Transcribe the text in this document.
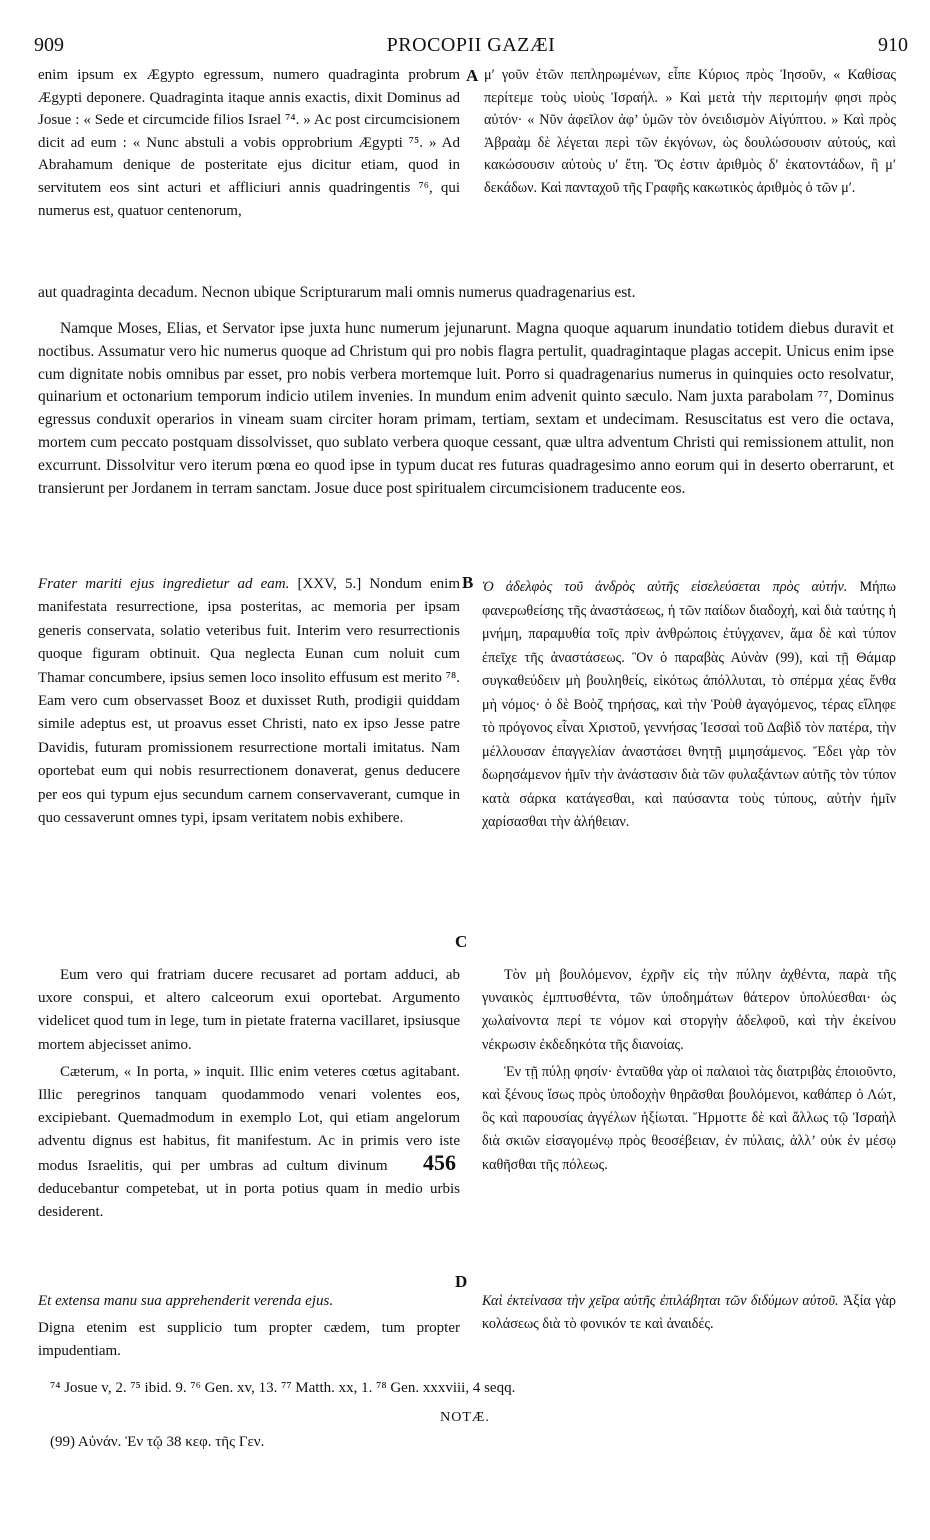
909	PROCOPII GAZÆI	910

enim ipsum ex Ægypto egressum, numero quadraginta probrum Ægypti deponere. Quadraginta itaque annis exactis, dixit Dominus ad Josue : « Sede et circumcide filios Israel ⁷⁴. » Ac post circumcisionem dicit ad eum : « Nunc abstuli a vobis opprobrium Ægypti ⁷⁵. » Ad Abrahamum denique de posteritate ejus dicitur etiam, quod in servitutem eos sint acturi et affliciuri annis quadringentis ⁷⁶, qui numerus est, quatuor centenorum,

A μʹ γοῦν ἐτῶν πεπληρωμένων, εἶπε Κύριος πρὸς Ἰησοῦν, « Καθίσας περίτεμε τοὺς υἱοὺς Ἰσραήλ. » Καὶ μετὰ τὴν περιτομήν φησι πρὸς αὐτόν· « Νῦν ἀφεῖλον ἀφ’ ὑμῶν τὸν ὀνειδισμὸν Αἰγύπτου. » Καὶ πρὸς Ἀβραὰμ δὲ λέγεται περὶ τῶν ἐκγόνων, ὡς δουλώσουσιν αὐτούς, καὶ κακώσουσιν αὐτοὺς υʹ ἔτη. Ὅς ἐστιν ἀριθμὸς δʹ ἑκατοντάδων, ἢ μʹ δεκάδων. Καὶ πανταχοῦ τῆς Γραφῆς κακωτικὸς ἀριθμὸς ὁ τῶν μʹ.

aut quadraginta decadum. Necnon ubique Scripturarum mali omnis numerus quadragenarius est.

Namque Moses, Elias, et Servator ipse juxta hunc numerum jejunarunt. Magna quoque aquarum inundatio totidem diebus duravit et noctibus. Assumatur vero hic numerus quoque ad Christum qui pro nobis flagra pertulit, quadragintaque plagas accepit. Unicus enim ipse cum dignitate nobis omnibus par esset, pro nobis verbera mortemque luit. Porro si quadragenarius numerus in quinquies octo resolvatur, quinarium et octonarium temporum indicio utilem invenies. In mundum enim advenit quinto sæculo. Nam juxta parabolam ⁷⁷, Dominus egressus conduxit operarios in vineam suam circiter horam primam, tertiam, sextam et undecimam. Resuscitatus est vero die octava, mortem cum peccato postquam dissolvisset, quo sublato verbera quoque cessant, quæ ultra adventum Christi qui remissionem attulit, non excurrunt. Dissolvitur vero iterum pœna eo quod ipse in typum ducat res futuras quadragesimo anno eorum qui in deserto oberrarunt, et transierunt per Jordanem in terram sanctam. Josue duce post spiritualem circumcisionem traducente eos.

Frater mariti ejus ingredietur ad eam. [XXV, 5.] Nondum enim manifestata resurrectione, ipsa posteritas, ac memoria per ipsam generis conservata, solatio veteribus fuit. Interim vero resurrectionis quoque figuram obtinuit. Qua neglecta Eunan cum noluit cum Thamar concumbere, ipsius semen loco insolito effusum est merito ⁷⁸. Eam vero cum observasset Booz et duxisset Ruth, prodigii quiddam simile adeptus est, ut proavus esset Christi, nato ex ipso Jesse patre Davidis, futuram promissionem resurrectione mortali imitatus. Nam oportebat eum qui nobis resurrectionem donaverat, genus deducere per eos qui typum ejus secundum carnem conservaverant, cumque in quo cessaverunt omnes typi, ipsam veritatem nobis exhibere.

B Ὁ ἀδελφὸς τοῦ ἀνδρὸς αὐτῆς εἰσελεύσεται πρὸς αὐτήν. Μήπω φανερωθείσης τῆς ἀναστάσεως, ἡ τῶν παίδων διαδοχή, καὶ διὰ ταύτης ἡ μνήμη, παραμυθία τοῖς πρὶν ἀνθρώποις ἐτύγχανεν, ἅμα δὲ καὶ τύπον ἐπεῖχε τῆς ἀναστάσεως. Ὃν ὁ παραβὰς Αὐνὰν (99), καὶ τῇ Θάμαρ συγκαθεύδειν μὴ βουληθείς, εἰκότως ἀπόλλυται, τὸ σπέρμα χέας ἔνθα μὴ νόμος· ὁ δὲ Βοὸζ τηρήσας, καὶ τὴν Ῥοὺθ ἀγαγόμενος, τέρας εἴληφε τὸ πρόγονος εἶναι Χριστοῦ, γεννήσας Ἰεσσαὶ τοῦ Δαβὶδ τὸν πατέρα, τὴν μέλλουσαν ἐπαγγελίαν ἀναστάσει θνητῇ μιμησάμενος. Ἔδει γὰρ τὸν δωρησάμενον ἡμῖν τὴν ἀνάστασιν διὰ τῶν φυλαξάντων αὐτῆς τὸν τύπον κατὰ σάρκα κατάγεσθαι, καὶ παύσαντα τοὺς τύπους, αὐτὴν ἡμῖν χαρίσασθαι τὴν ἀλήθειαν.

C

Eum vero qui fratriam ducere recusaret ad portam adduci, ab uxore conspui, et altero calceorum exui oportebat. Argumento videlicet quod tum in lege, tum in pietate fraterna vacillaret, ipsiusque mortem abjecisset animo.

Cæterum, « In porta, » inquit. Illic enim veteres cœtus agitabant. Illic peregrinos tanquam quodammodo venari volentes eos, excipiebant. Quemadmodum in exemplo Lot, qui etiam angelorum adventu dignus est habitus, fit manifestum. Ac in primis vero iste modus Israelitis, qui per umbras ad cultum divinum 456 deducebantur competebat, ut in porta potius quam in medio urbis desiderent.

Τὸν μὴ βουλόμενον, ἐχρῆν εἰς τὴν πύλην ἀχθέντα, παρὰ τῆς γυναικὸς ἐμπτυσθέντα, τῶν ὑποδημάτων θάτερον ὑπολύεσθαι· ὡς χωλαίνοντα περί τε νόμον καὶ στοργὴν ἀδελφοῦ, καὶ τὴν ἐκείνου νέκρωσιν ἐκδεδηκότα τῆς διανοίας.

Ἐν τῇ πύλῃ φησίν· ἐνταῦθα γὰρ οἱ παλαιοὶ τὰς διατριβὰς ἐποιοῦντο, καὶ ξένους ἴσως πρὸς ὑποδοχὴν θηρᾶσθαι βουλόμενοι, καθάπερ ὁ Λώτ, ὃς καὶ παρουσίας ἀγγέλων ἠξίωται. Ἥρμοττε δὲ καὶ ἄλλως τῷ Ἰσραὴλ διὰ σκιῶν εἰσαγομένῳ πρὸς θεοσέβειαν, ἐν πύλαις, ἀλλ’ οὐκ ἐν μέσῳ καθῆσθαι τῆς πόλεως.

D

Et extensa manu sua apprehenderit verenda ejus.

Digna etenim est supplicio tum propter cædem, tum propter impudentiam.

Καὶ ἐκτείνασα τὴν χεῖρα αὐτῆς ἐπιλάβηται τῶν διδύμων αὐτοῦ. Ἀξία γὰρ κολάσεως διὰ τὸ φονικόν τε καὶ ἀναιδές.

⁷⁴ Josue v, 2. ⁷⁵ ibid. 9. ⁷⁶ Gen. xv, 13. ⁷⁷ Matth. xx, 1. ⁷⁸ Gen. xxxviii, 4 seqq.
NOTÆ.
(99) Αὐνάν. Ἐν τῷ 38 κεφ. τῆς Γεν.
